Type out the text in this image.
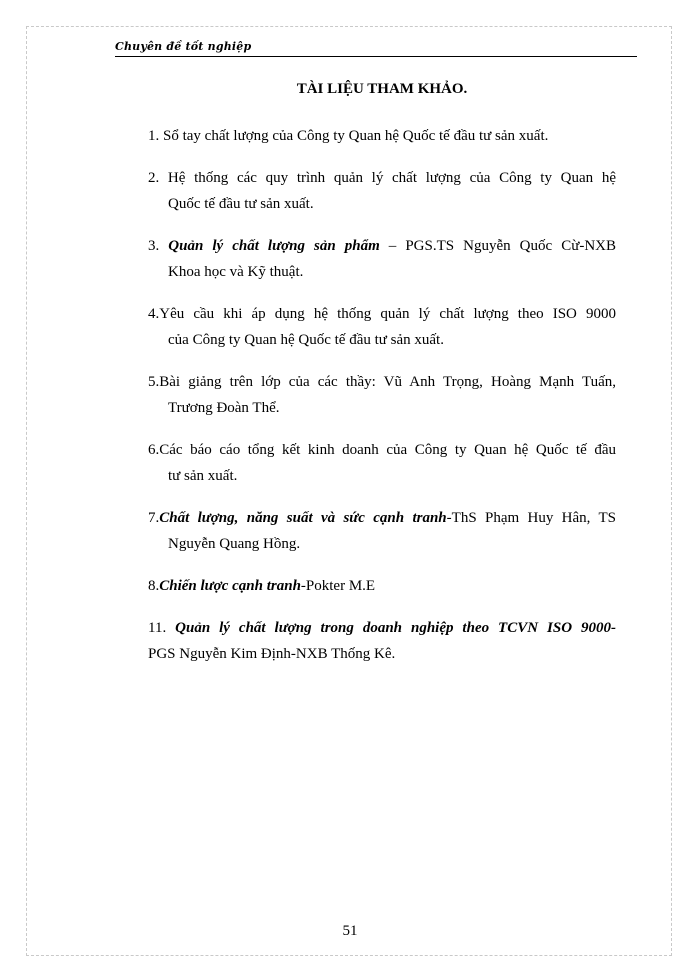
Chuyên đề tốt nghiệp
TÀI LIỆU THAM KHẢO.
1. Sổ tay chất lượng của Công ty Quan hệ Quốc tế đầu tư sản xuất.
2. Hệ thống các quy trình quản lý chất lượng của Công ty Quan hệ
Quốc tế đầu tư sản xuất.
3. Quản lý chất lượng sản phẩm – PGS.TS Nguyễn Quốc Cừ-NXB
Khoa học và Kỹ thuật.
4.Yêu cầu khi áp dụng hệ thống quản lý chất lượng theo ISO 9000
của Công ty Quan hệ Quốc tế đầu tư sản xuất.
5.Bài giảng trên lớp của các thầy: Vũ Anh Trọng, Hoàng Mạnh Tuấn,
Trương Đoàn Thể.
6.Các báo cáo tổng kết kinh doanh của Công ty Quan hệ Quốc tế đầu
tư sản xuất.
7.Chất lượng, năng suất và sức cạnh tranh-ThS Phạm Huy Hân, TS
Nguyễn Quang Hồng.
8.Chiến lược cạnh tranh-Pokter M.E
11. Quản lý chất lượng trong doanh nghiệp theo TCVN ISO 9000-
PGS Nguyễn Kim Định-NXB Thống Kê.
51
